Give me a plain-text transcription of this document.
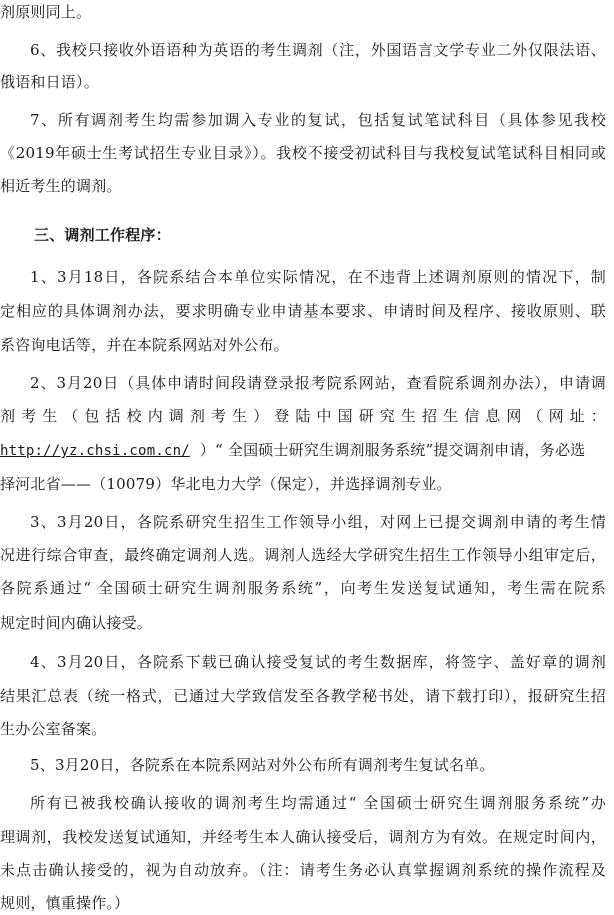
剂原则同上。
6、我校只接收外语语种为英语的考生调剂（注，外国语言文学专业二外仅限法语、
俄语和日语）。
7、所有调剂考生均需参加调入专业的复试，包括复试笔试科目（具体参见我校
《2019年硕士生考试招生专业目录》）。我校不接受初试科目与我校复试笔试科目相同或
相近考生的调剂。
三、调剂工作程序：
1、3月18日，各院系结合本单位实际情况，在不违背上述调剂原则的情况下，制
定相应的具体调剂办法，要求明确专业申请基本要求、申请时间及程序、接收原则、联
系咨询电话等，并在本院系网站对外公布。
2、3月20日（具体申请时间段请登录报考院系网站，查看院系调剂办法），申请调
剂 考 生 （ 包 括 校 内 调 剂 考 生 ） 登 陆 中 国 研 究 生 招 生 信 息 网 （ 网 址 ：
http://yz.chsi.com.cn/ ）“ 全国硕士研究生调剂服务系统”提交调剂申请，务必选
择河北省——（10079）华北电力大学（保定），并选择调剂专业。
3、3月20日，各院系研究生招生工作领导小组，对网上已提交调剂申请的考生情
况进行综合审查，最终确定调剂人选。调剂人选经大学研究生招生工作领导小组审定后，
各院系通过“ 全国硕士研究生调剂服务系统”，向考生发送复试通知，考生需在院系
规定时间内确认接受。
4、3月20日，各院系下载已确认接受复试的考生数据库，将签字、盖好章的调剂
结果汇总表（统一格式，已通过大学致信发至各教学秘书处，请下载打印），报研究生招
生办公室备案。
5、3月20日，各院系在本院系网站对外公布所有调剂考生复试名单。
所有已被我校确认接收的调剂考生均需通过“ 全国硕士研究生调剂服务系统”办
理调剂，我校发送复试通知，并经考生本人确认接受后，调剂方为有效。在规定时间内，
未点击确认接受的，视为自动放弃。（注：请考生务必认真掌握调剂系统的操作流程及
规则，慎重操作。）
